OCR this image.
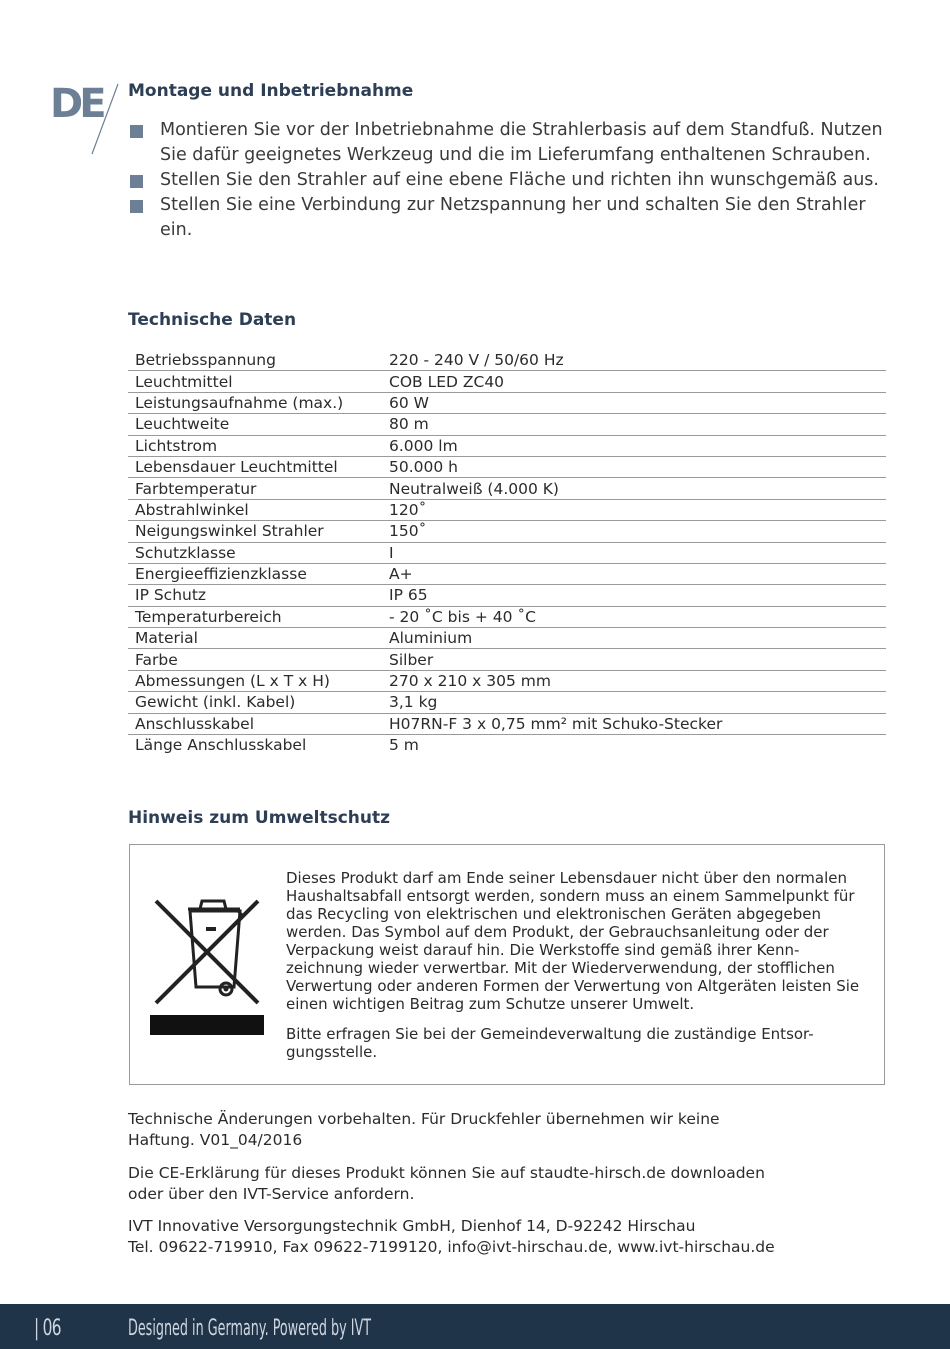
DE Montage und Inbetriebnahme
Montieren Sie vor der Inbetriebnahme die Strahlerbasis auf dem Standfuß. Nutzen Sie dafür geeignetes Werkzeug und die im Lieferumfang enthaltenen Schrauben.
Stellen Sie den Strahler auf eine ebene Fläche und richten ihn wunschgemäß aus.
Stellen Sie eine Verbindung zur Netzspannung her und schalten Sie den Strahler ein.
Technische Daten
Betriebsspannung	220 - 240 V / 50/60 Hz
Leuchtmittel	COB LED ZC40
Leistungsaufnahme (max.)	60 W
Leuchtweite	80 m
Lichtstrom	6.000 lm
Lebensdauer Leuchtmittel	50.000 h
Farbtemperatur	Neutralweiß (4.000 K)
Abstrahlwinkel	120˚
Neigungswinkel Strahler	150˚
Schutzklasse	I
Energieeffizienzklasse	A+
IP Schutz	IP 65
Temperaturbereich	- 20 ˚C bis + 40 ˚C
Material	Aluminium
Farbe	Silber
Abmessungen (L x T x H)	270 x 210 x 305 mm
Gewicht (inkl. Kabel)	3,1 kg
Anschlusskabel	H07RN-F 3 x 0,75 mm² mit Schuko-Stecker
Länge Anschlusskabel	5 m
Hinweis zum Umweltschutz

Dieses Produkt darf am Ende seiner Lebensdauer nicht über den normalen Haushaltsabfall entsorgt werden, sondern muss an einem Sammelpunkt für das Recycling von elektrischen und elektronischen Geräten abgegeben werden. Das Symbol auf dem Produkt, der Gebrauchsanleitung oder der Verpackung weist darauf hin. Die Werkstoffe sind gemäß ihrer Kenn-zeichnung wieder verwertbar. Mit der Wiederverwendung, der stofflichen Verwertung oder anderen Formen der Verwertung von Altgeräten leisten Sie einen wichtigen Beitrag zum Schutze unserer Umwelt.

Bitte erfragen Sie bei der Gemeindeverwaltung die zuständige Entsor-gungsstelle.

Technische Änderungen vorbehalten. Für Druckfehler übernehmen wir keine
Haftung. V01_04/2016

Die CE-Erklärung für dieses Produkt können Sie auf staudte-hirsch.de downloaden
oder über den IVT-Service anfordern.

IVT Innovative Versorgungstechnik GmbH, Dienhof 14, D-92242 Hirschau
Tel. 09622-719910, Fax 09622-7199120, info@ivt-hirschau.de, www.ivt-hirschau.de

| 06	Designed in Germany. Powered by IVT
